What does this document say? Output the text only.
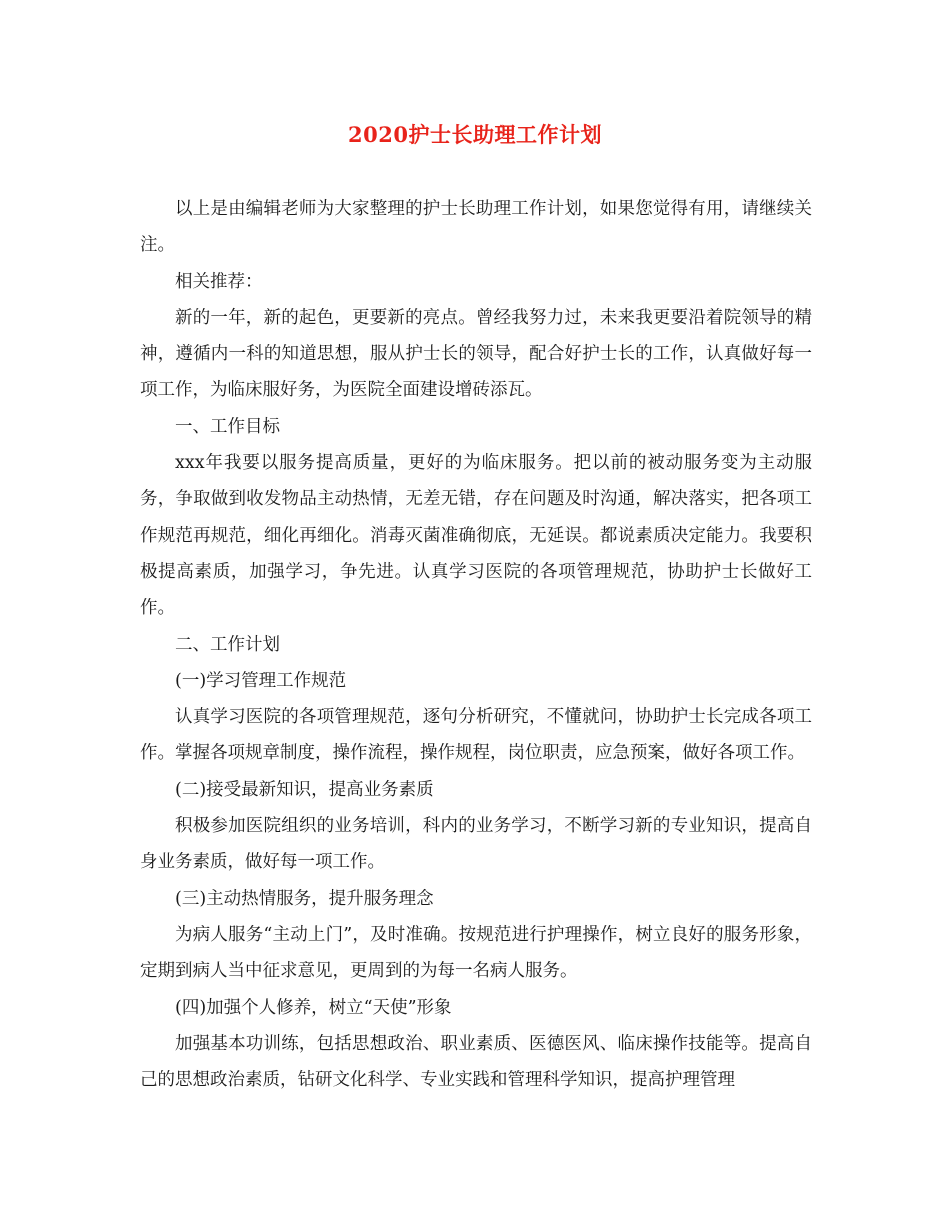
2020护士长助理工作计划

以上是由编辑老师为大家整理的护士长助理工作计划，如果您觉得有用，请继续关注。

相关推荐：

新的一年，新的起色，更要新的亮点。曾经我努力过，未来我更要沿着院领导的精神，遵循内一科的知道思想，服从护士长的领导，配合好护士长的工作，认真做好每一项工作，为临床服好务，为医院全面建设增砖添瓦。

一、工作目标

xxx年我要以服务提高质量，更好的为临床服务。把以前的被动服务变为主动服务，争取做到收发物品主动热情，无差无错，存在问题及时沟通，解决落实，把各项工作规范再规范，细化再细化。消毒灭菌准确彻底，无延误。都说素质决定能力。我要积极提高素质，加强学习，争先进。认真学习医院的各项管理规范，协助护士长做好工作。

二、工作计划

(一)学习管理工作规范

认真学习医院的各项管理规范，逐句分析研究，不懂就问，协助护士长完成各项工作。掌握各项规章制度，操作流程，操作规程，岗位职责，应急预案，做好各项工作。

(二)接受最新知识，提高业务素质

积极参加医院组织的业务培训，科内的业务学习，不断学习新的专业知识，提高自身业务素质，做好每一项工作。

(三)主动热情服务，提升服务理念

为病人服务“主动上门”，及时准确。按规范进行护理操作，树立良好的服务形象，定期到病人当中征求意见，更周到的为每一名病人服务。

(四)加强个人修养，树立“天使”形象

加强基本功训练，包括思想政治、职业素质、医德医风、临床操作技能等。提高自己的思想政治素质，钻研文化科学、专业实践和管理科学知识，提高护理管理
